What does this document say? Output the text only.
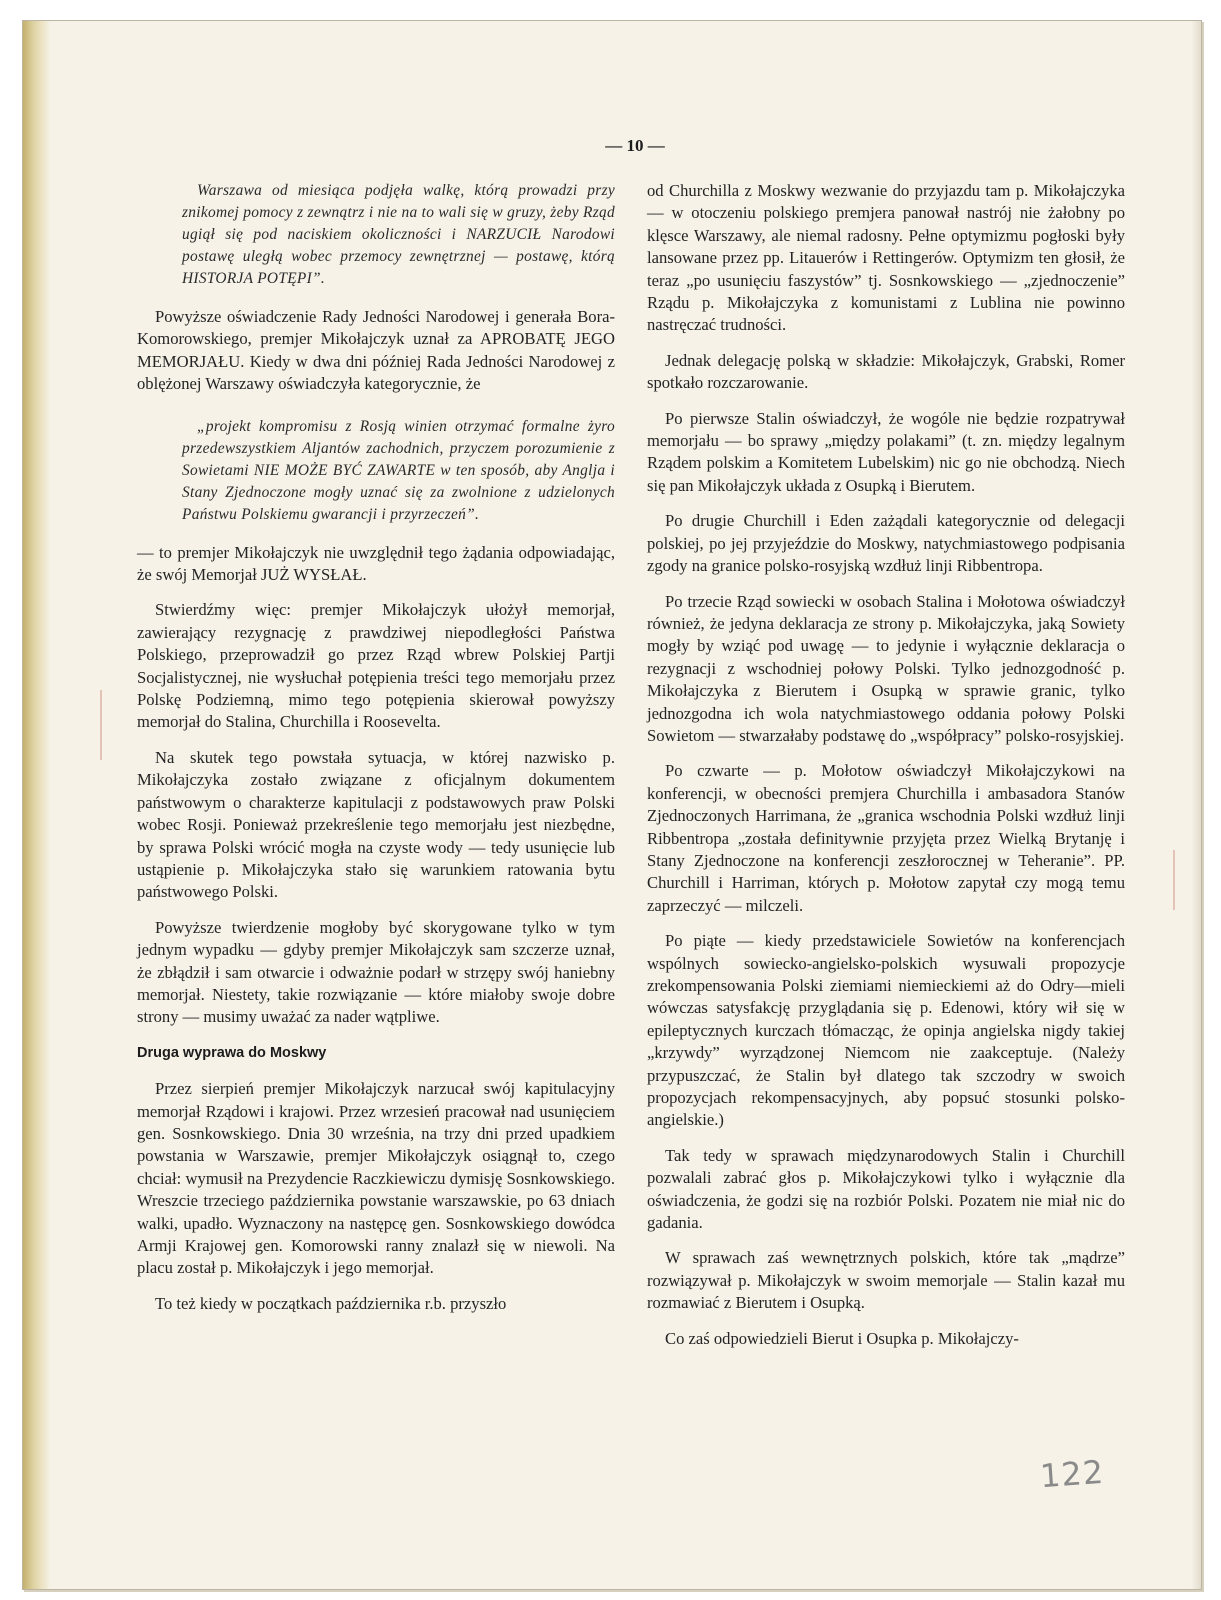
— 10 —
Warszawa od miesiąca podjęła walkę, którą prowadzi przy znikomej pomocy z zewnątrz i nie na to wali się w gruzy, żeby Rząd ugiął się pod naciskiem okoliczności i NARZUCIŁ Narodowi postawę uległą wobec przemocy zewnętrznej — postawę, którą HISTORJA POTĘPI”.

Powyższe oświadczenie Rady Jedności Narodowej i generała Bora-Komorowskiego, premjer Mikołajczyk uznał za APROBATĘ JEGO MEMORJAŁU. Kiedy w dwa dni później Rada Jedności Narodowej z oblężonej Warszawy oświadczyła kategorycznie, że

„projekt kompromisu z Rosją winien otrzymać formalne żyro przedewszystkiem Aljantów zachodnich, przyczem porozumienie z Sowietami NIE MOŻE BYĆ ZAWARTE w ten sposób, aby Anglja i Stany Zjednoczone mogły uznać się za zwolnione z udzielonych Państwu Polskiemu gwarancji i przyrzeczeń”.

— to premjer Mikołajczyk nie uwzględnił tego żądania odpowiadając, że swój Memorjał JUŻ WYSŁAŁ.

Stwierdźmy więc: premjer Mikołajczyk ułożył memorjał, zawierający rezygnację z prawdziwej niepodległości Państwa Polskiego, przeprowadził go przez Rząd wbrew Polskiej Partji Socjalistycznej, nie wysłuchał potępienia treści tego memorjału przez Polskę Podziemną, mimo tego potępienia skierował powyższy memorjał do Stalina, Churchilla i Roosevelta.

Na skutek tego powstała sytuacja, w której nazwisko p. Mikołajczyka zostało związane z oficjalnym dokumentem państwowym o charakterze kapitulacji z podstawowych praw Polski wobec Rosji. Ponieważ przekreślenie tego memorjału jest niezbędne, by sprawa Polski wrócić mogła na czyste wody — tedy usunięcie lub ustąpienie p. Mikołajczyka stało się warunkiem ratowania bytu państwowego Polski.

Powyższe twierdzenie mogłoby być skorygowane tylko w tym jednym wypadku — gdyby premjer Mikołajczyk sam szczerze uznał, że zbłądził i sam otwarcie i odważnie podarł w strzępy swój haniebny memorjał. Niestety, takie rozwiązanie — które miałoby swoje dobre strony — musimy uważać za nader wątpliwe.

Druga wyprawa do Moskwy

Przez sierpień premjer Mikołajczyk narzucał swój kapitulacyjny memorjał Rządowi i krajowi. Przez wrzesień pracował nad usunięciem gen. Sosnkowskiego. Dnia 30 września, na trzy dni przed upadkiem powstania w Warszawie, premjer Mikołajczyk osiągnął to, czego chciał: wymusił na Prezydencie Raczkiewiczu dymisję Sosnkowskiego. Wreszcie trzeciego października powstanie warszawskie, po 63 dniach walki, upadło. Wyznaczony na następcę gen. Sosnkowskiego dowódca Armji Krajowej gen. Komorowski ranny znalazł się w niewoli. Na placu został p. Mikołajczyk i jego memorjał.

To też kiedy w początkach października r.b. przyszło

od Churchilla z Moskwy wezwanie do przyjazdu tam p. Mikołajczyka — w otoczeniu polskiego premjera panował nastrój nie żałobny po klęsce Warszawy, ale niemal radosny. Pełne optymizmu pogłoski były lansowane przez pp. Litauerów i Rettingerów. Optymizm ten głosił, że teraz „po usunięciu faszystów” tj. Sosnkowskiego — „zjednoczenie” Rządu p. Mikołajczyka z komunistami z Lublina nie powinno nastręczać trudności.

Jednak delegację polską w składzie: Mikołajczyk, Grabski, Romer spotkało rozczarowanie.

Po pierwsze Stalin oświadczył, że wogóle nie będzie rozpatrywał memorjału — bo sprawy „między polakami” (t. zn. między legalnym Rządem polskim a Komitetem Lubelskim) nic go nie obchodzą. Niech się pan Mikołajczyk układa z Osupką i Bierutem.

Po drugie Churchill i Eden zażądali kategorycznie od delegacji polskiej, po jej przyjeździe do Moskwy, natychmiastowego podpisania zgody na granice polsko-rosyjską wzdłuż linji Ribbentropa.

Po trzecie Rząd sowiecki w osobach Stalina i Mołotowa oświadczył również, że jedyna deklaracja ze strony p. Mikołajczyka, jaką Sowiety mogły by wziąć pod uwagę — to jedynie i wyłącznie deklaracja o rezygnacji z wschodniej połowy Polski. Tylko jednozgodność p. Mikołajczyka z Bierutem i Osupką w sprawie granic, tylko jednozgodna ich wola natychmiastowego oddania połowy Polski Sowietom — stwarzałaby podstawę do „współpracy” polsko-rosyjskiej.

Po czwarte — p. Mołotow oświadczył Mikołajczykowi na konferencji, w obecności premjera Churchilla i ambasadora Stanów Zjednoczonych Harrimana, że „granica wschodnia Polski wzdłuż linji Ribbentropa „została definitywnie przyjęta przez Wielką Brytanję i Stany Zjednoczone na konferencji zeszłorocznej w Teheranie”. PP. Churchill i Harriman, których p. Mołotow zapytał czy mogą temu zaprzeczyć — milczeli.

Po piąte — kiedy przedstawiciele Sowietów na konferencjach wspólnych sowiecko-angielsko-polskich wysuwali propozycje zrekompensowania Polski ziemiami niemieckiemi aż do Odry—mieli wówczas satysfakcję przyglądania się p. Edenowi, który wił się w epileptycznych kurczach tłómacząc, że opinja angielska nigdy takiej „krzywdy” wyrządzonej Niemcom nie zaakceptuje. (Należy przypuszczać, że Stalin był dlatego tak szczodry w swoich propozycjach rekompensacyjnych, aby popsuć stosunki polsko-angielskie.)

Tak tedy w sprawach międzynarodowych Stalin i Churchill pozwalali zabrać głos p. Mikołajczykowi tylko i wyłącznie dla oświadczenia, że godzi się na rozbiór Polski. Pozatem nie miał nic do gadania.

W sprawach zaś wewnętrznych polskich, które tak „mądrze” rozwiązywał p. Mikołajczyk w swoim memorjale — Stalin kazał mu rozmawiać z Bierutem i Osupką.

Co zaś odpowiedzieli Bierut i Osupka p. Mikołajczy-

122
